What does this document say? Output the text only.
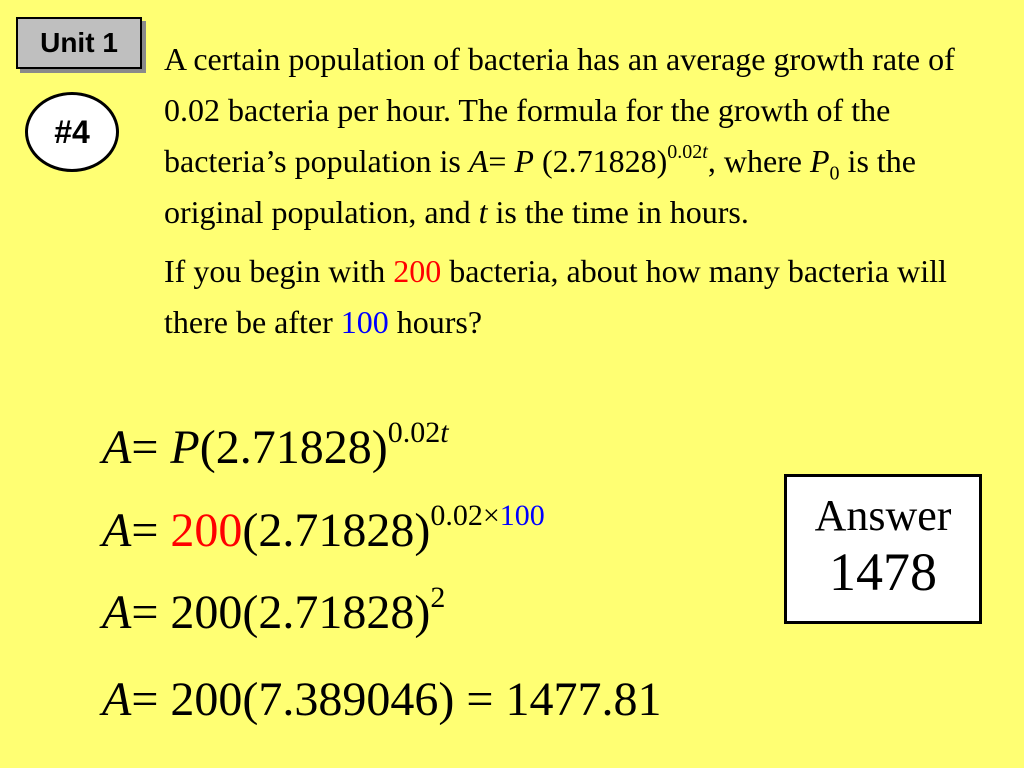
Unit 1
#4

A certain population of bacteria has an average growth rate of 0.02 bacteria per hour. The formula for the growth of the bacteria’s population is A= P $(2.71828)^{0.02t}$, where $P_0$ is the original population, and t is the time in hours.

If you begin with 200 bacteria, about how many bacteria will there be after 100 hours?

$A= P(2.71828)^{0.02t}$
$A= 200(2.71828)^{0.02\times 100}$
$A= 200(2.71828)^2$
A= 200(7.389046) = 1477.81
Answer
1478
